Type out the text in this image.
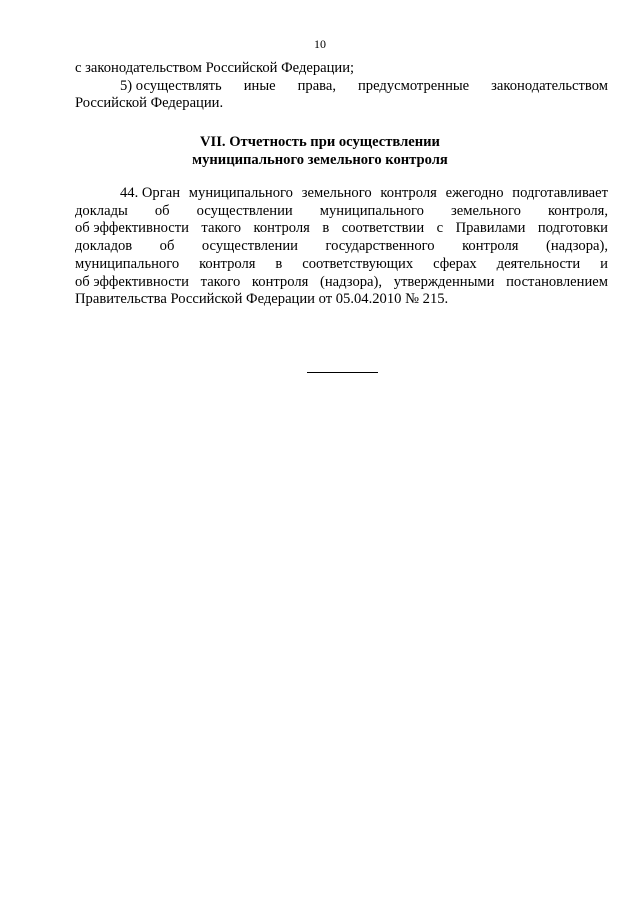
10
с законодательством Российской Федерации;
5) осуществлять иные права, предусмотренные законодательством
Российской Федерации.
VII. Отчетность при осуществлении
муниципального земельного контроля
44. Орган муниципального земельного контроля ежегодно подготавливает
доклады об осуществлении муниципального земельного контроля,
об эффективности такого контроля в соответствии с Правилами подготовки
докладов об осуществлении государственного контроля (надзора),
муниципального контроля в соответствующих сферах деятельности и
об эффективности такого контроля (надзора), утвержденными постановлением
Правительства Российской Федерации от 05.04.2010 № 215.
